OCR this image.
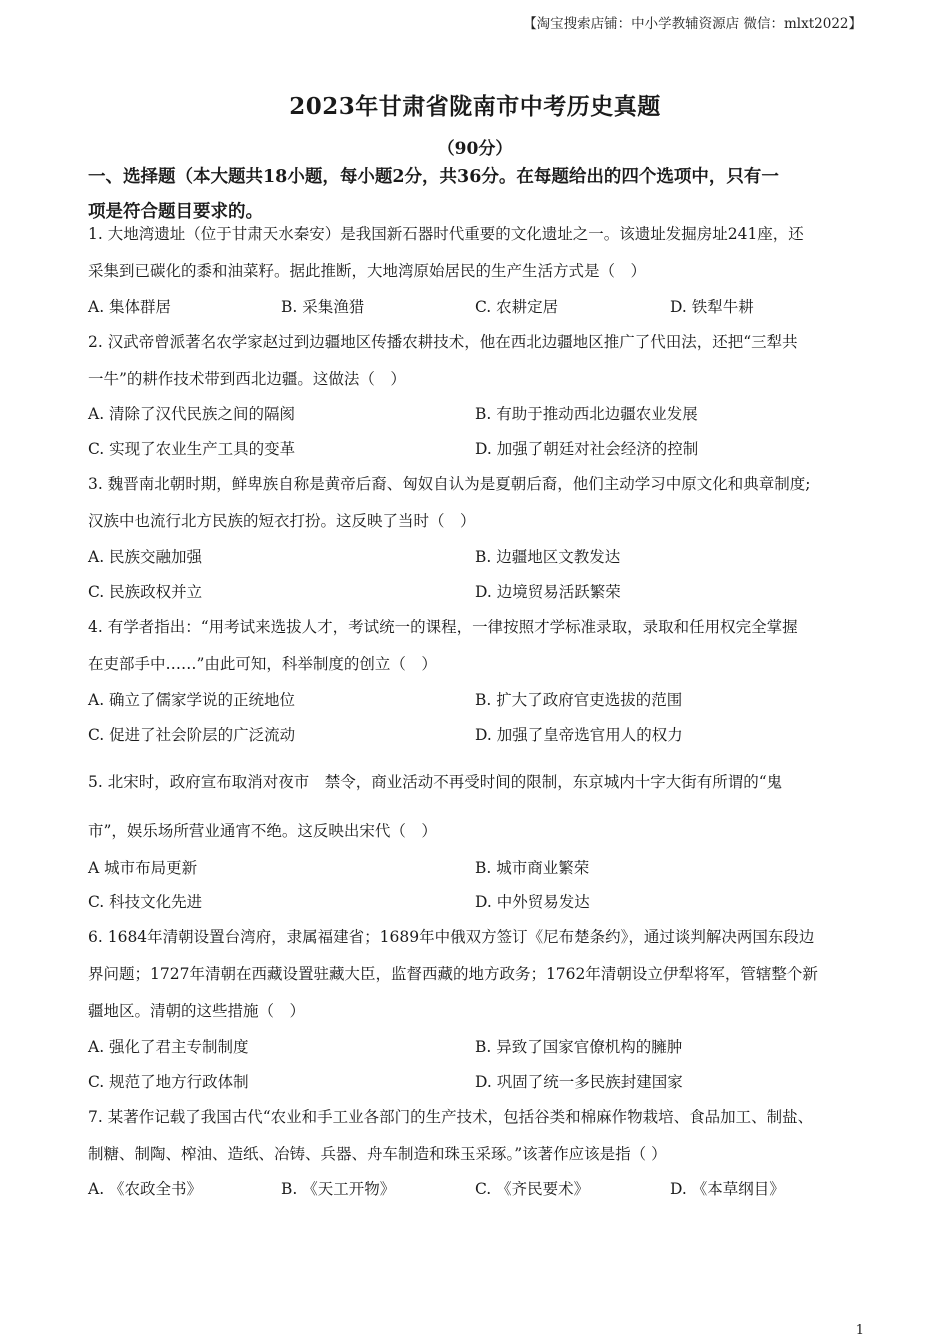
【淘宝搜索店铺：中小学教辅资源店 微信：mlxt2022】
2023年甘肃省陇南市中考历史真题
（90分）
一、选择题（本大题共18小题，每小题2分，共36分。在每题给出的四个选项中，只有一
项是符合题目要求的。
1. 大地湾遗址（位于甘肃天水秦安）是我国新石器时代重要的文化遗址之一。该遗址发掘房址241座，还
采集到已碳化的黍和油菜籽。据此推断，大地湾原始居民的生产生活方式是（　）
A. 集体群居	B. 采集渔猎	C. 农耕定居	D. 铁犁牛耕
2. 汉武帝曾派著名农学家赵过到边疆地区传播农耕技术，他在西北边疆地区推广了代田法，还把“三犁共
一牛”的耕作技术带到西北边疆。这做法（　）
A. 清除了汉代民族之间的隔阂	B. 有助于推动西北边疆农业发展
C. 实现了农业生产工具的变革	D. 加强了朝廷对社会经济的控制
3. 魏晋南北朝时期，鲜卑族自称是黄帝后裔、匈奴自认为是夏朝后裔，他们主动学习中原文化和典章制度;
汉族中也流行北方民族的短衣打扮。这反映了当时（　）
A. 民族交融加强	B. 边疆地区文教发达
C. 民族政权并立	D. 边境贸易活跃繁荣
4. 有学者指出：“用考试来选拔人才，考试统一的课程，一律按照才学标准录取，录取和任用权完全掌握
在吏部手中……”由此可知，科举制度的创立（　）
A. 确立了儒家学说的正统地位	B. 扩大了政府官吏选拔的范围
C. 促进了社会阶层的广泛流动	D. 加强了皇帝选官用人的权力
5. 北宋时，政府宣布取消对夜市　禁令，商业活动不再受时间的限制，东京城内十字大街有所谓的“鬼
市”，娱乐场所营业通宵不绝。这反映出宋代（　）
A 城市布局更新	B. 城市商业繁荣
C. 科技文化先进	D. 中外贸易发达
6. 1684年清朝设置台湾府，隶属福建省；1689年中俄双方签订《尼布楚条约》，通过谈判解决两国东段边
界问题；1727年清朝在西藏设置驻藏大臣，监督西藏的地方政务；1762年清朝设立伊犁将军，管辖整个新
疆地区。清朝的这些措施（　）
A. 强化了君主专制制度	B. 异致了国家官僚机构的臃肿
C. 规范了地方行政体制	D. 巩固了统一多民族封建国家
7. 某著作记载了我国古代“农业和手工业各部门的生产技术，包括谷类和棉麻作物栽培、食品加工、制盐、
制糖、制陶、榨油、造纸、冶铸、兵器、舟车制造和珠玉采琢。”该著作应该是指（ ）
A. 《农政全书》	B. 《天工开物》	C. 《齐民要术》	D. 《本草纲目》
1
